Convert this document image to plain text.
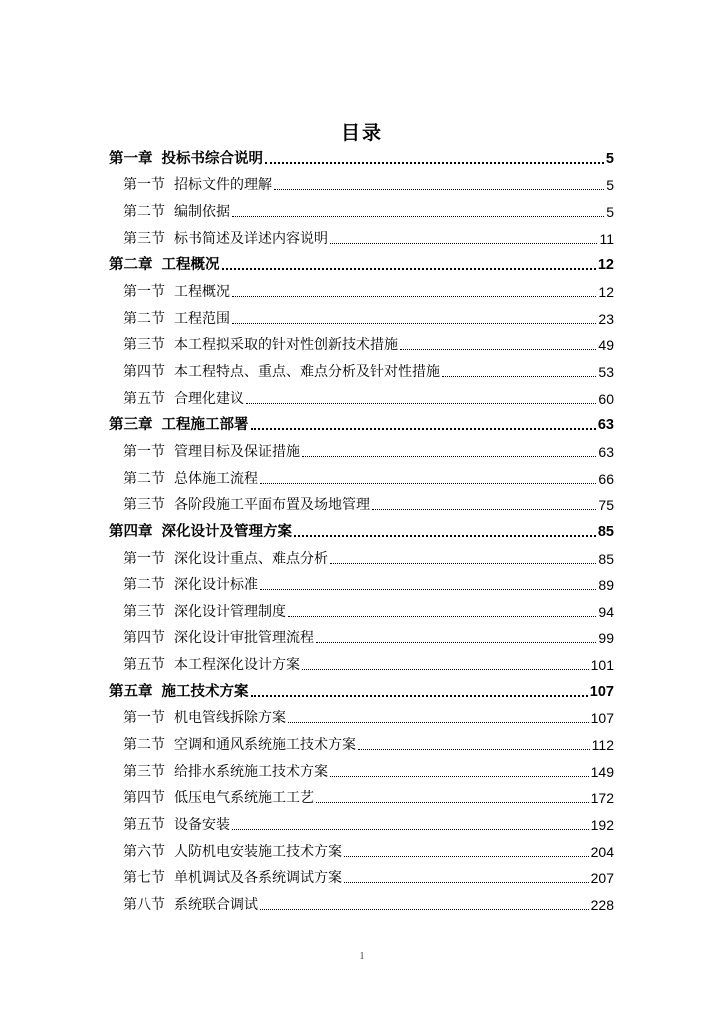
目录
第一章 投标书综合说明	5
第一节 招标文件的理解	5
第二节 编制依据	5
第三节 标书简述及详述内容说明	11
第二章 工程概况	12
第一节 工程概况	12
第二节 工程范围	23
第三节 本工程拟采取的针对性创新技术措施	49
第四节 本工程特点、重点、难点分析及针对性措施	53
第五节 合理化建议	60
第三章 工程施工部署	63
第一节 管理目标及保证措施	63
第二节 总体施工流程	66
第三节 各阶段施工平面布置及场地管理	75
第四章 深化设计及管理方案	85
第一节 深化设计重点、难点分析	85
第二节 深化设计标准	89
第三节 深化设计管理制度	94
第四节 深化设计审批管理流程	99
第五节 本工程深化设计方案	101
第五章 施工技术方案	107
第一节 机电管线拆除方案	107
第二节 空调和通风系统施工技术方案	112
第三节 给排水系统施工技术方案	149
第四节 低压电气系统施工工艺	172
第五节 设备安装	192
第六节 人防机电安装施工技术方案	204
第七节 单机调试及各系统调试方案	207
第八节 系统联合调试	228
1
